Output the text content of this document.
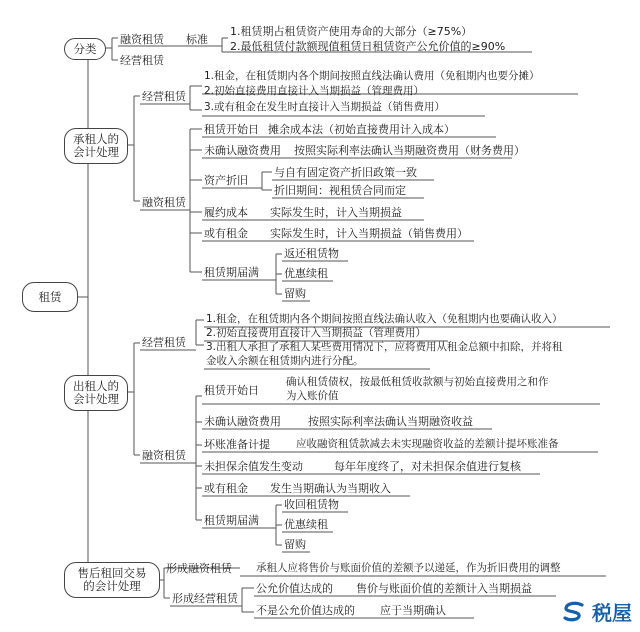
租赁
分类
融资租赁 标准
1.租赁期占租赁资产使用寿命的大部分（≥75%）
2.最低租赁付款额现值租赁日租赁资产公允价值的≥90%
经营租赁
承租人的
会计处理
经营租赁
1.租金，在租赁期内各个期间按照直线法确认费用（免租期内也要分摊）
2.初始直接费用直接计入当期损益（管理费用）
3.或有租金在发生时直接计入当期损益（销售费用）
融资租赁
租赁开始日 摊余成本法（初始直接费用计入成本）
未确认融资费用 按照实际利率法确认当期融资费用（财务费用）
资产折旧
与自有固定资产折旧政策一致
折旧期间：视租赁合同而定
履约成本 实际发生时，计入当期损益
或有租金 实际发生时，计入当期损益（销售费用）
租赁期届满
返还租赁物
优惠续租
留购
出租人的
会计处理
经营租赁
1.租金，在租赁期内各个期间按照直线法确认收入（免租期内也要确认收入）
2.初始直接费用直接计入当期损益（管理费用）
3.出租人承担了承租人某些费用情况下，应将费用从租金总额中扣除，并将租
金收入余额在租赁期内进行分配。
融资租赁
租赁开始日
确认租赁债权，按最低租赁收款额与初始直接费用之和作
为入账价值
未确认融资费用 按照实际利率法确认当期融资收益
坏账准备计提 应收融资租赁款减去未实现融资收益的差额计提坏账准备
未担保余值发生变动	每年年度终了，对未担保余值进行复核
或有租金 发生当期确认为当期收入
租赁期届满
收回租赁物
优惠续租
留购
售后租回交易
的会计处理
形成融资租赁 承租人应将售价与账面价值的差额予以递延，作为折旧费用的调整
形成经营租赁
公允价值达成的 售价与账面价值的差额计入当期损益
不是公允价值达成的 应于当期确认	税屋
